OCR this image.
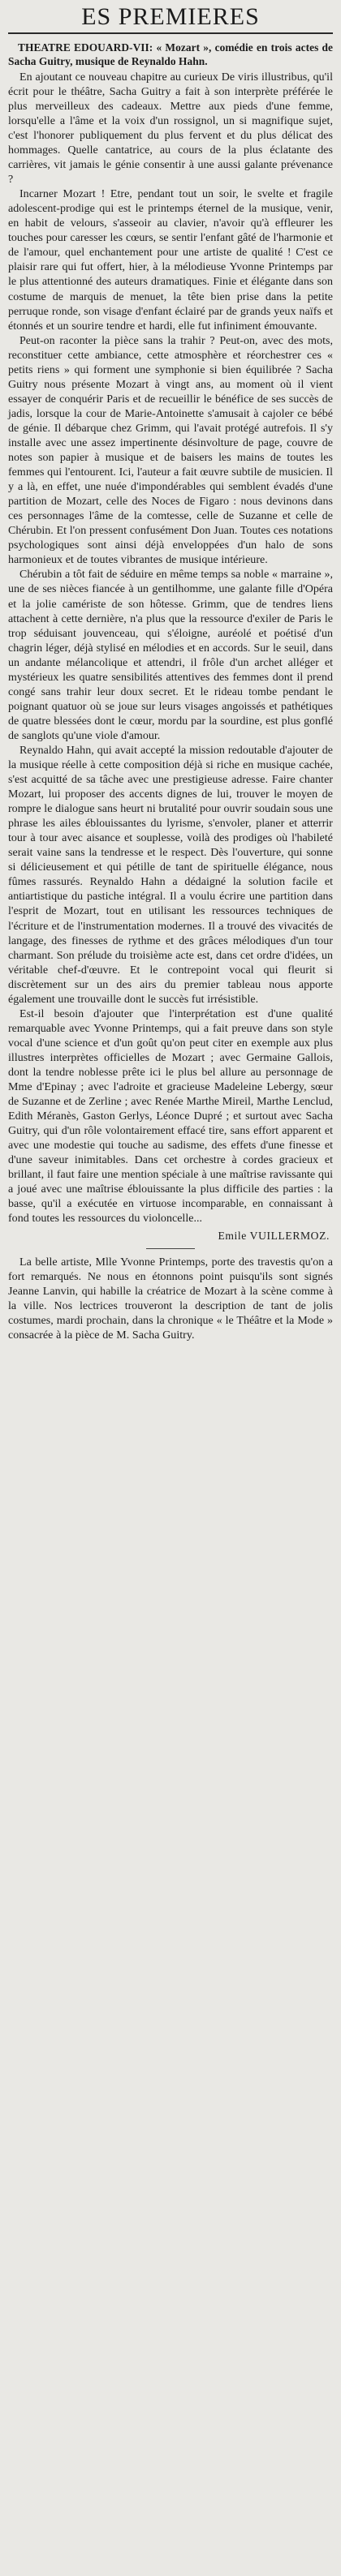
ES PREMIERES

THEATRE EDOUARD-VII: « Mozart », comédie en trois actes de Sacha Guitry, musique de Reynaldo Hahn.

En ajoutant ce nouveau chapitre au curieux De viris illustribus, qu'il écrit pour le théâtre, Sacha Guitry a fait à son interprète préférée le plus merveilleux des cadeaux. Mettre aux pieds d'une femme, lorsqu'elle a l'âme et la voix d'un rossignol, un si magnifique sujet, c'est l'honorer publiquement du plus fervent et du plus délicat des hommages. Quelle cantatrice, au cours de la plus éclatante des carrières, vit jamais le génie consentir à une aussi galante prévenance ?

Incarner Mozart ! Etre, pendant tout un soir, le svelte et fragile adolescent-prodige qui est le printemps éternel de la musique, venir, en habit de velours, s'asseoir au clavier, n'avoir qu'à effleurer les touches pour caresser les cœurs, se sentir l'enfant gâté de l'harmonie et de l'amour, quel enchantement pour une artiste de qualité ! C'est ce plaisir rare qui fut offert, hier, à la mélodieuse Yvonne Printemps par le plus attentionné des auteurs dramatiques. Finie et élégante dans son costume de marquis de menuet, la tête bien prise dans la petite perruque ronde, son visage d'enfant éclairé par de grands yeux naïfs et étonnés et un sourire tendre et hardi, elle fut infiniment émouvante.

Peut-on raconter la pièce sans la trahir ? Peut-on, avec des mots, reconstituer cette ambiance, cette atmosphère et réorchestrer ces « petits riens » qui forment une symphonie si bien équilibrée ? Sacha Guitry nous présente Mozart à vingt ans, au moment où il vient essayer de conquérir Paris et de recueillir le bénéfice de ses succès de jadis, lorsque la cour de Marie-Antoinette s'amusait à cajoler ce bébé de génie. Il débarque chez Grimm, qui l'avait protégé autrefois. Il s'y installe avec une assez impertinente désinvolture de page, couvre de notes son papier à musique et de baisers les mains de toutes les femmes qui l'entourent. Ici, l'auteur a fait œuvre subtile de musicien. Il y a là, en effet, une nuée d'impondérables qui semblent évadés d'une partition de Mozart, celle des Noces de Figaro : nous devinons dans ces personnages l'âme de la comtesse, celle de Suzanne et celle de Chérubin. Et l'on pressent confusément Don Juan. Toutes ces notations psychologiques sont ainsi déjà enveloppées d'un halo de sons harmonieux et de toutes vibrantes de musique intérieure.

Chérubin a tôt fait de séduire en même temps sa noble « marraine », une de ses nièces fiancée à un gentilhomme, une galante fille d'Opéra et la jolie camériste de son hôtesse. Grimm, que de tendres liens attachent à cette dernière, n'a plus que la ressource d'exiler de Paris le trop séduisant jouvenceau, qui s'éloigne, auréolé et poétisé d'un chagrin léger, déjà stylisé en mélodies et en accords. Sur le seuil, dans un andante mélancolique et attendri, il frôle d'un archet alléger et mystérieux les quatre sensibilités attentives des femmes dont il prend congé sans trahir leur doux secret. Et le rideau tombe pendant le poignant quatuor où se joue sur leurs visages angoissés et pathétiques de quatre blessées dont le cœur, mordu par la sourdine, est plus gonflé de sanglots qu'une viole d'amour.

Reynaldo Hahn, qui avait accepté la mission redoutable d'ajouter de la musique réelle à cette composition déjà si riche en musique cachée, s'est acquitté de sa tâche avec une prestigieuse adresse. Faire chanter Mozart, lui proposer des accents dignes de lui, trouver le moyen de rompre le dialogue sans heurt ni brutalité pour ouvrir soudain sous une phrase les ailes éblouissantes du lyrisme, s'envoler, planer et atterrir tour à tour avec aisance et souplesse, voilà des prodiges où l'habileté serait vaine sans la tendresse et le respect. Dès l'ouverture, qui sonne si délicieusement et qui pétille de tant de spirituelle élégance, nous fûmes rassurés. Reynaldo Hahn a dédaigné la solution facile et antiartistique du pastiche intégral. Il a voulu écrire une partition dans l'esprit de Mozart, tout en utilisant les ressources techniques de l'écriture et de l'instrumentation modernes. Il a trouvé des vivacités de langage, des finesses de rythme et des grâces mélodiques d'un tour charmant. Son prélude du troisième acte est, dans cet ordre d'idées, un véritable chef-d'œuvre. Et le contrepoint vocal qui fleurit si discrètement sur un des airs du premier tableau nous apporte également une trouvaille dont le succès fut irrésistible.

Est-il besoin d'ajouter que l'interprétation est d'une qualité remarquable avec Yvonne Printemps, qui a fait preuve dans son style vocal d'une science et d'un goût qu'on peut citer en exemple aux plus illustres interprètes officielles de Mozart ; avec Germaine Gallois, dont la tendre noblesse prête ici le plus bel allure au personnage de Mme d'Epinay ; avec l'adroite et gracieuse Madeleine Lebergy, sœur de Suzanne et de Zerline ; avec Renée Marthe Mireil, Marthe Lenclud, Edith Méranès, Gaston Gerlys, Léonce Dupré ; et surtout avec Sacha Guitry, qui d'un rôle volontairement effacé tire, sans effort apparent et avec une modestie qui touche au sadisme, des effets d'une finesse et d'une saveur inimitables. Dans cet orchestre à cordes gracieux et brillant, il faut faire une mention spéciale à une maîtrise ravissante qui a joué avec une maîtrise éblouissante la plus difficile des parties : la basse, qu'il a exécutée en virtuose incomparable, en connaissant à fond toutes les ressources du violoncelle...

Emile VUILLERMOZ.

La belle artiste, Mlle Yvonne Printemps, porte des travestis qu'on a fort remarqués. Ne nous en étonnons point puisqu'ils sont signés Jeanne Lanvin, qui habille la créatrice de Mozart à la scène comme à la ville. Nos lectrices trouveront la description de tant de jolis costumes, mardi prochain, dans la chronique « le Théâtre et la Mode » consacrée à la pièce de M. Sacha Guitry.
